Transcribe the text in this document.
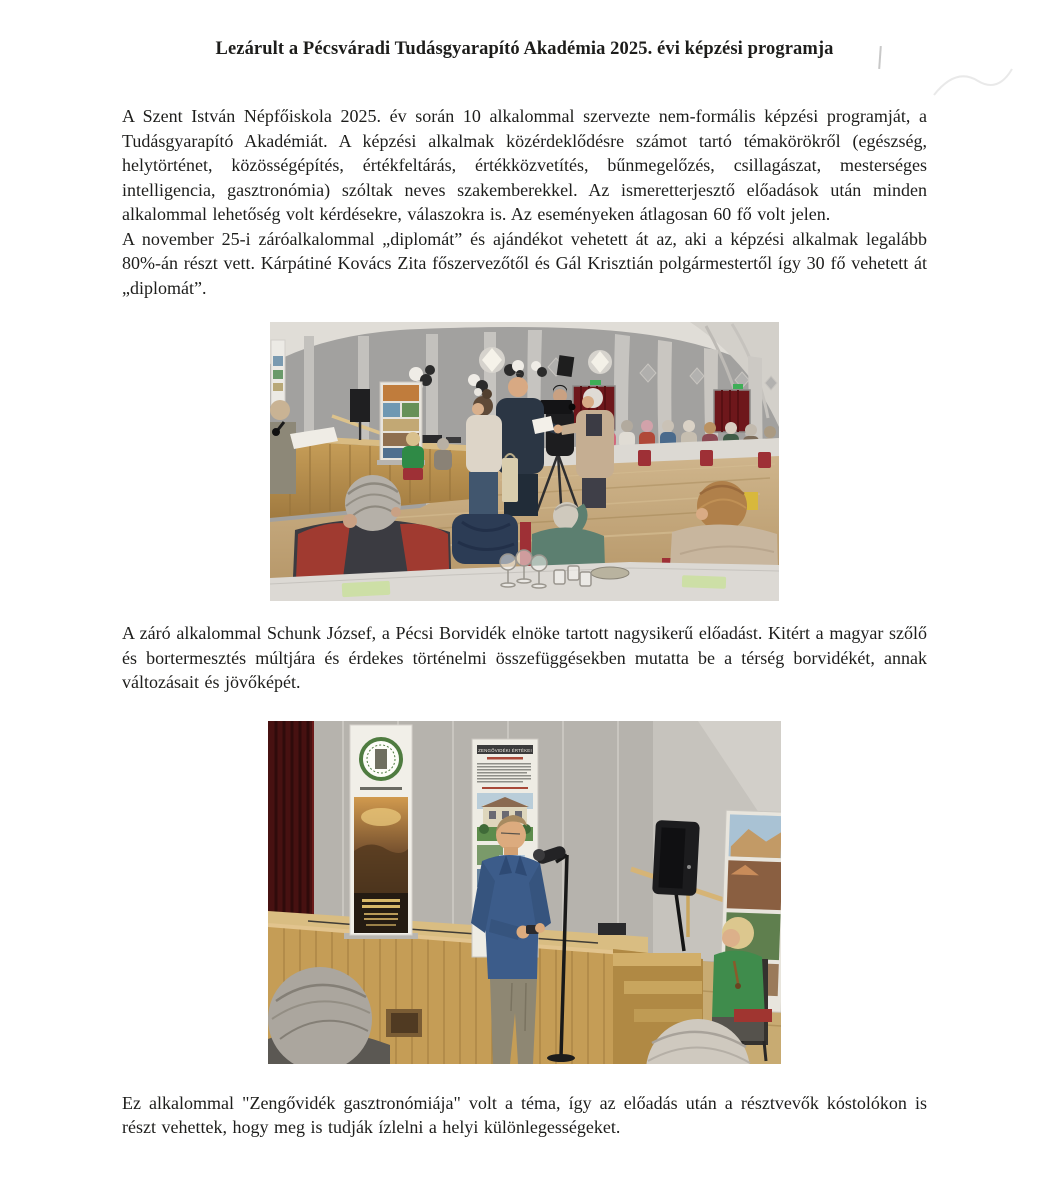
Lezárult a Pécsváradi Tudásgyarapító Akadémia 2025. évi képzési programja

A Szent István Népfőiskola 2025. év során 10 alkalommal szervezte nem-formális képzési programját, a Tudásgyarapító Akadémiát. A képzési alkalmak közérdeklődésre számot tartó témakörökről (egészség, helytörténet, közösségépítés, értékfeltárás, értékközvetítés, bűnmegelőzés, csillagászat, mesterséges intelligencia, gasztronómia) szóltak neves szakemberekkel. Az ismeretterjesztő előadások után minden alkalommal lehetőség volt kérdésekre, válaszokra is. Az eseményeken átlagosan 60 fő volt jelen.

A november 25-i záróalkalommal „diplomát” és ajándékot vehetett át az, aki a képzési alkalmak legalább 80%-án részt vett. Kárpátiné Kovács Zita főszervezőtől és Gál Krisztián polgármestertől így 30 fő vehetett át „diplomát”.

A záró alkalommal Schunk József, a Pécsi Borvidék elnöke tartott nagysikerű előadást. Kitért a magyar szőlő és bortermesztés múltjára és érdekes történelmi összefüggésekben mutatta be a térség borvidékét, annak változásait és jövőképét.

ZENGŐVIDÉKI ÉRTÉKEI

Ez alkalommal "Zengővidék gasztronómiája" volt a téma, így az előadás után a résztvevők kóstolókon is részt vehettek, hogy meg is tudják ízlelni a helyi különlegességeket.
